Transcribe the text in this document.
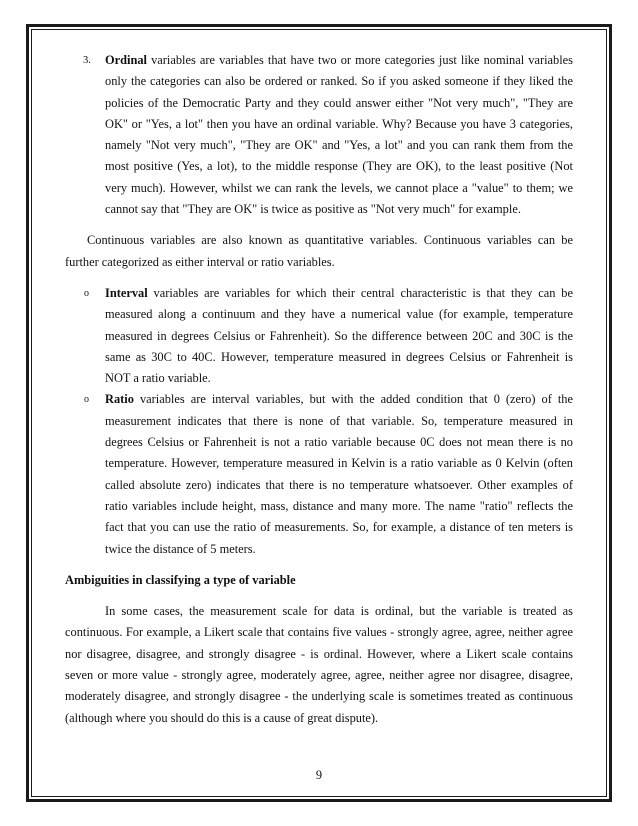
3. Ordinal variables are variables that have two or more categories just like nominal variables only the categories can also be ordered or ranked. So if you asked someone if they liked the policies of the Democratic Party and they could answer either "Not very much", "They are OK" or "Yes, a lot" then you have an ordinal variable. Why? Because you have 3 categories, namely "Not very much", "They are OK" and "Yes, a lot" and you can rank them from the most positive (Yes, a lot), to the middle response (They are OK), to the least positive (Not very much). However, whilst we can rank the levels, we cannot place a "value" to them; we cannot say that "They are OK" is twice as positive as "Not very much" for example.

Continuous variables are also known as quantitative variables. Continuous variables can be further categorized as either interval or ratio variables.

o Interval variables are variables for which their central characteristic is that they can be measured along a continuum and they have a numerical value (for example, temperature measured in degrees Celsius or Fahrenheit). So the difference between 20C and 30C is the same as 30C to 40C. However, temperature measured in degrees Celsius or Fahrenheit is NOT a ratio variable.

o Ratio variables are interval variables, but with the added condition that 0 (zero) of the measurement indicates that there is none of that variable. So, temperature measured in degrees Celsius or Fahrenheit is not a ratio variable because 0C does not mean there is no temperature. However, temperature measured in Kelvin is a ratio variable as 0 Kelvin (often called absolute zero) indicates that there is no temperature whatsoever. Other examples of ratio variables include height, mass, distance and many more. The name "ratio" reflects the fact that you can use the ratio of measurements. So, for example, a distance of ten meters is twice the distance of 5 meters.

Ambiguities in classifying a type of variable

In some cases, the measurement scale for data is ordinal, but the variable is treated as continuous. For example, a Likert scale that contains five values - strongly agree, agree, neither agree nor disagree, disagree, and strongly disagree - is ordinal. However, where a Likert scale contains seven or more value - strongly agree, moderately agree, agree, neither agree nor disagree, disagree, moderately disagree, and strongly disagree - the underlying scale is sometimes treated as continuous (although where you should do this is a cause of great dispute).

9
